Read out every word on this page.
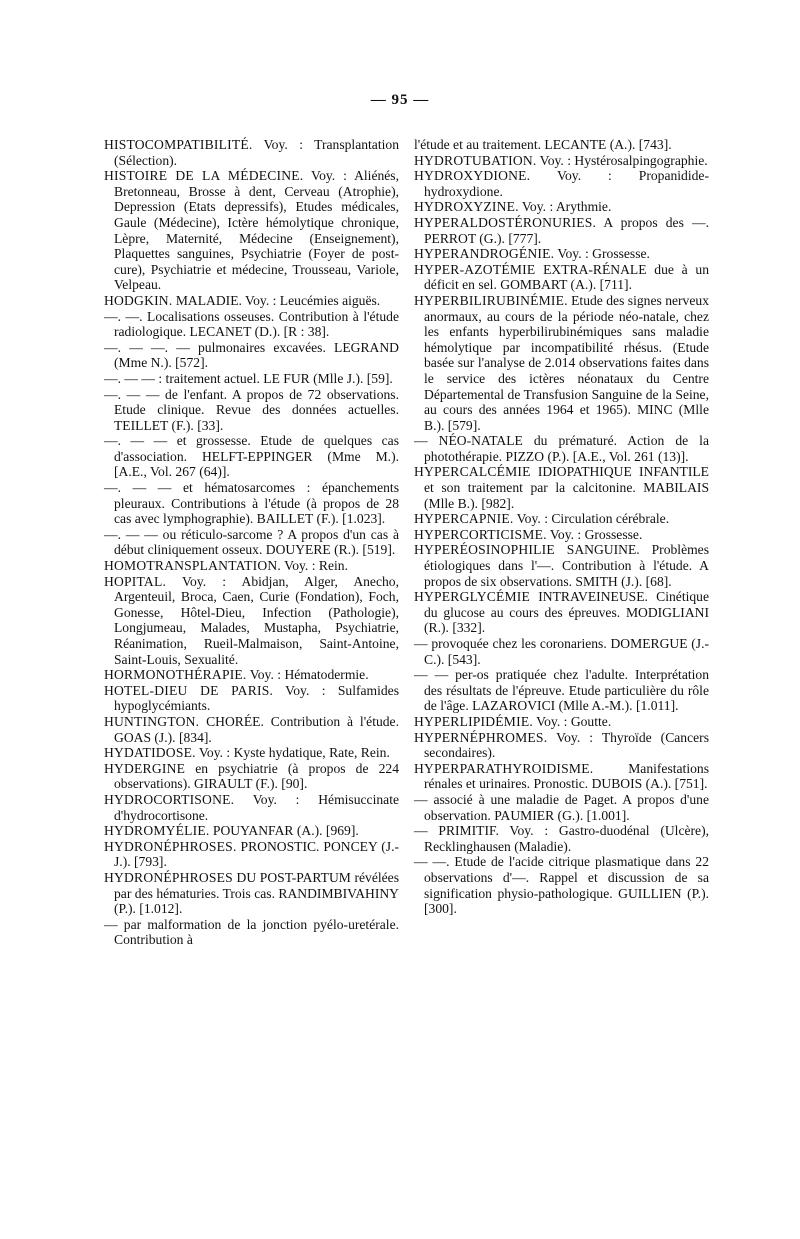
— 95 —

HISTOCOMPATIBILITÉ. Voy. : Transplantation (Sélection).

HISTOIRE DE LA MÉDECINE. Voy. : Aliénés, Bretonneau, Brosse à dent, Cerveau (Atrophie), Depression (Etats depressifs), Etudes médicales, Gaule (Médecine), Ictère hémolytique chronique, Lèpre, Maternité, Médecine (Enseignement), Plaquettes sanguines, Psychiatrie (Foyer de post-cure), Psychiatrie et médecine, Trousseau, Variole, Velpeau.

HODGKIN. MALADIE. Voy. : Leucémies aiguës.

—. —. Localisations osseuses. Contribution à l'étude radiologique. LECANET (D.). [R : 38].

—. — —. — pulmonaires excavées. LEGRAND (Mme N.). [572].

—. — — : traitement actuel. LE FUR (Mlle J.). [59].

—. — — de l'enfant. A propos de 72 observations. Etude clinique. Revue des données actuelles. TEILLET (F.). [33].

—. — — et grossesse. Etude de quelques cas d'association. HELFT-EPPINGER (Mme M.). [A.E., Vol. 267 (64)].

—. — — et hématosarcomes : épanchements pleuraux. Contributions à l'étude (à propos de 28 cas avec lymphographie). BAILLET (F.). [1.023].

—. — — ou réticulo-sarcome ? A propos d'un cas à début cliniquement osseux. DOUYERE (R.). [519].

HOMOTRANSPLANTATION. Voy. : Rein.

HOPITAL. Voy. : Abidjan, Alger, Anecho, Argenteuil, Broca, Caen, Curie (Fondation), Foch, Gonesse, Hôtel-Dieu, Infection (Pathologie), Longjumeau, Malades, Mustapha, Psychiatrie, Réanimation, Rueil-Malmaison, Saint-Antoine, Saint-Louis, Sexualité.

HORMONOTHÉRAPIE. Voy. : Hématodermie.

HOTEL-DIEU DE PARIS. Voy. : Sulfamides hypoglycémiants.

HUNTINGTON. CHORÉE. Contribution à l'étude. GOAS (J.). [834].

HYDATIDOSE. Voy. : Kyste hydatique, Rate, Rein.

HYDERGINE en psychiatrie (à propos de 224 observations). GIRAULT (F.). [90].

HYDROCORTISONE. Voy. : Hémisuccinate d'hydrocortisone.

HYDROMYÉLIE. POUYANFAR (A.). [969].

HYDRONÉPHROSES. PRONOSTIC. PONCEY (J.-J.). [793].

HYDRONÉPHROSES DU POST-PARTUM révélées par des hématuries. Trois cas. RANDIMBIVAHINY (P.). [1.012].

— par malformation de la jonction pyélo-uretérale. Contribution à

l'étude et au traitement. LECANTE (A.). [743].

HYDROTUBATION. Voy. : Hystérosalpingographie.

HYDROXYDIONE. Voy. : Propanidide-hydroxydione.

HYDROXYZINE. Voy. : Arythmie.

HYPERALDOSTÉRONURIES. A propos des —. PERROT (G.). [777].

HYPERANDROGÉNIE. Voy. : Grossesse.

HYPER-AZOTÉMIE EXTRA-RÉNALE due à un déficit en sel. GOMBART (A.). [711].

HYPERBILIRUBINÉMIE. Etude des signes nerveux anormaux, au cours de la période néo-natale, chez les enfants hyperbilirubinémiques sans maladie hémolytique par incompatibilité rhésus. (Etude basée sur l'analyse de 2.014 observations faites dans le service des ictères néonataux du Centre Départemental de Transfusion Sanguine de la Seine, au cours des années 1964 et 1965). MINC (Mlle B.). [579].

— NÉO-NATALE du prématuré. Action de la photothérapie. PIZZO (P.). [A.E., Vol. 261 (13)].

HYPERCALCÉMIE IDIOPATHIQUE INFANTILE et son traitement par la calcitonine. MABILAIS (Mlle B.). [982].

HYPERCAPNIE. Voy. : Circulation cérébrale.

HYPERCORTICISME. Voy. : Grossesse.

HYPERÉOSINOPHILIE SANGUINE. Problèmes étiologiques dans l'—. Contribution à l'étude. A propos de six observations. SMITH (J.). [68].

HYPERGLYCÉMIE INTRAVEINEUSE. Cinétique du glucose au cours des épreuves. MODIGLIANI (R.). [332].

— provoquée chez les coronariens. DOMERGUE (J.-C.). [543].

— — per-os pratiquée chez l'adulte. Interprétation des résultats de l'épreuve. Etude particulière du rôle de l'âge. LAZAROVICI (Mlle A.-M.). [1.011].

HYPERLIPIDÉMIE. Voy. : Goutte.

HYPERNÉPHROMES. Voy. : Thyroïde (Cancers secondaires).

HYPERPARATHYROIDISME. Manifestations rénales et urinaires. Pronostic. DUBOIS (A.). [751].

— associé à une maladie de Paget. A propos d'une observation. PAUMIER (G.). [1.001].

— PRIMITIF. Voy. : Gastro-duodénal (Ulcère), Recklinghausen (Maladie).

— —. Etude de l'acide citrique plasmatique dans 22 observations d'—. Rappel et discussion de sa signification physio-pathologique. GUILLIEN (P.). [300].
